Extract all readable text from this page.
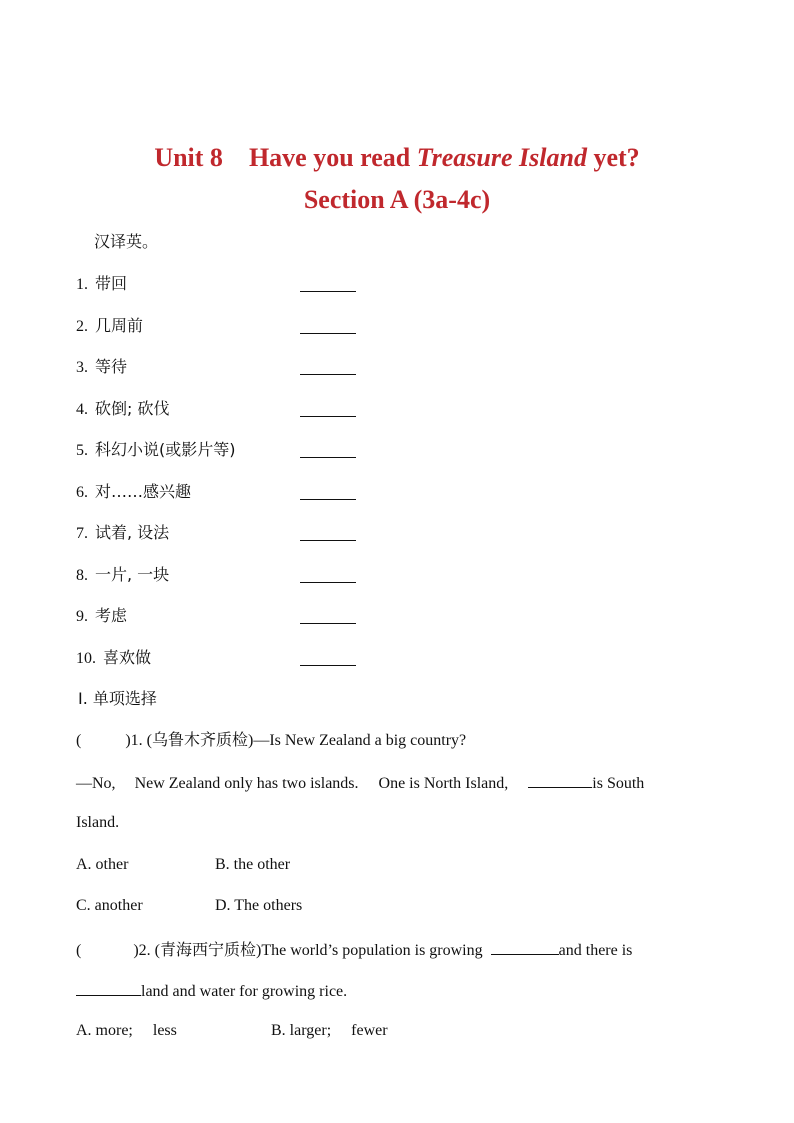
Unit 8 Have you read Treasure Island yet?
Section A (3a-4c)
汉译英。
1. 带回
2. 几周前
3. 等待
4. 砍倒; 砍伐
5. 科幻小说(或影片等)
6. 对……感兴趣
7. 试着, 设法
8. 一片, 一块
9. 考虑
10. 喜欢做
Ⅰ. 单项选择
(	)1. (乌鲁木齐质检)—Is New Zealand a big country?
—No, New Zealand only has two islands. One is North Island,	is South
Island.
A. other	B. the other
C. another	D. The others
(	)2. (青海西宁质检)The world’s population is growing	and there is
land and water for growing rice.
A. more; less	B. larger; fewer
